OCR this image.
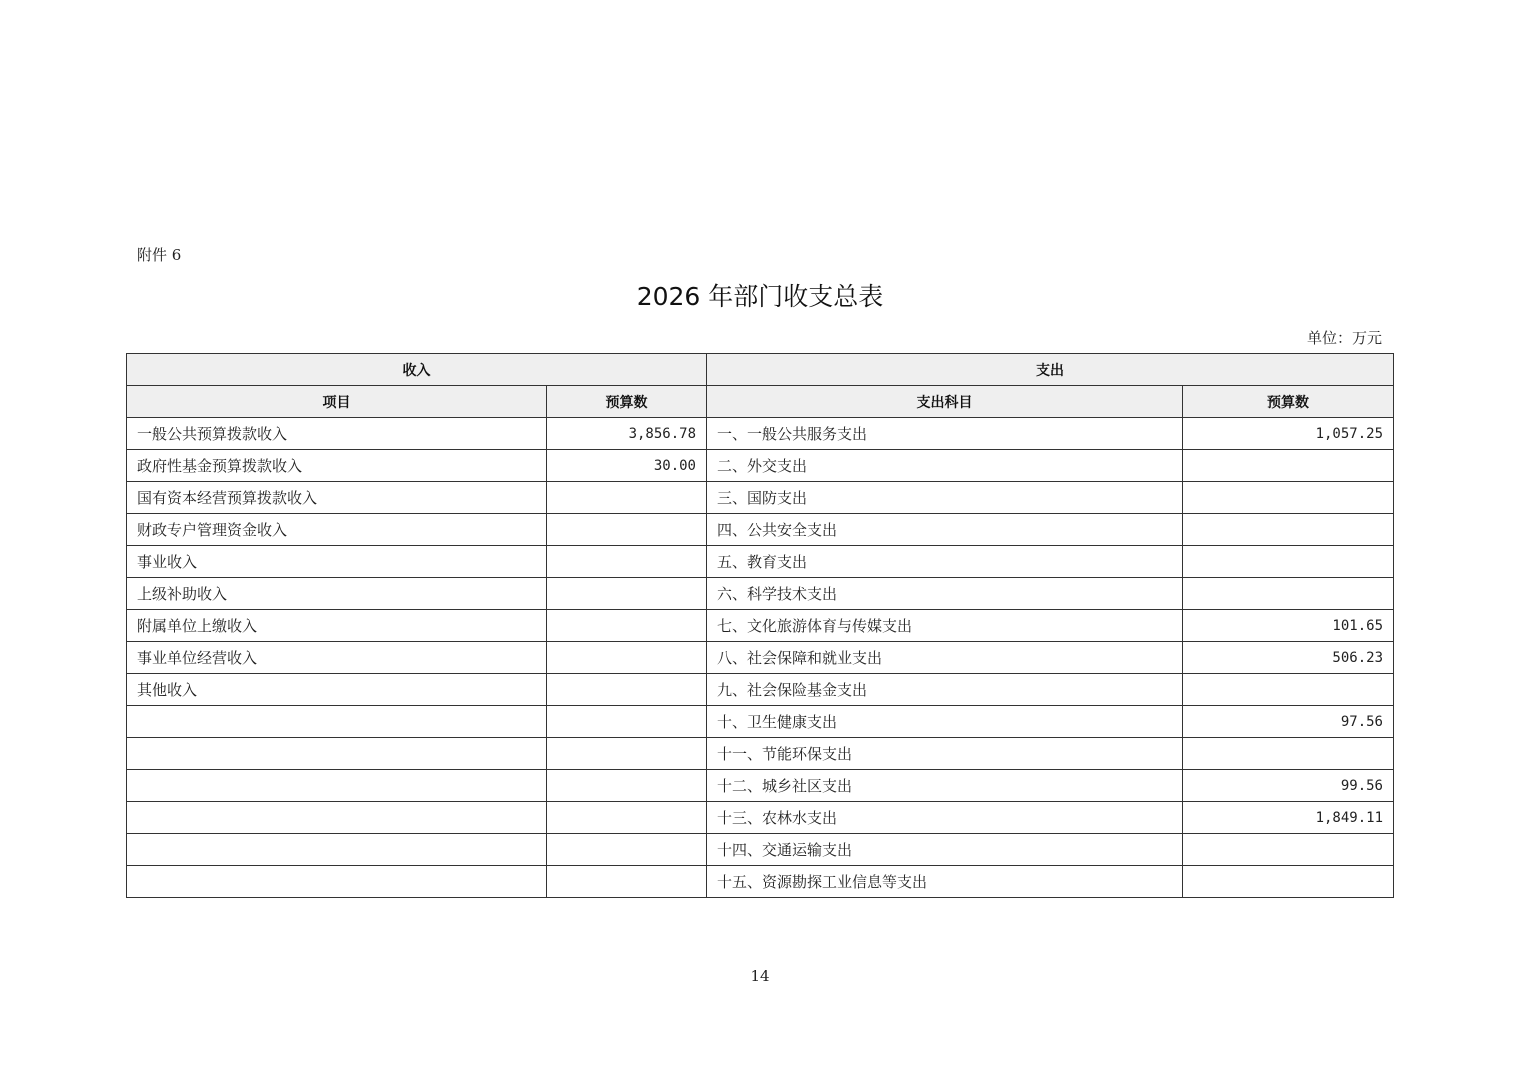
附件 6
2026 年部门收支总表
单位：万元
收入		支出	
项目	预算数	支出科目	预算数
一般公共预算拨款收入	3,856.78	一、一般公共服务支出	1,057.25
政府性基金预算拨款收入	30.00	二、外交支出	
国有资本经营预算拨款收入		三、国防支出	
财政专户管理资金收入		四、公共安全支出	
事业收入		五、教育支出	
上级补助收入		六、科学技术支出	
附属单位上缴收入		七、文化旅游体育与传媒支出	101.65
事业单位经营收入		八、社会保障和就业支出	506.23
其他收入		九、社会保险基金支出	
		十、卫生健康支出	97.56
		十一、节能环保支出	
		十二、城乡社区支出	99.56
		十三、农林水支出	1,849.11
		十四、交通运输支出	
		十五、资源勘探工业信息等支出	
14
